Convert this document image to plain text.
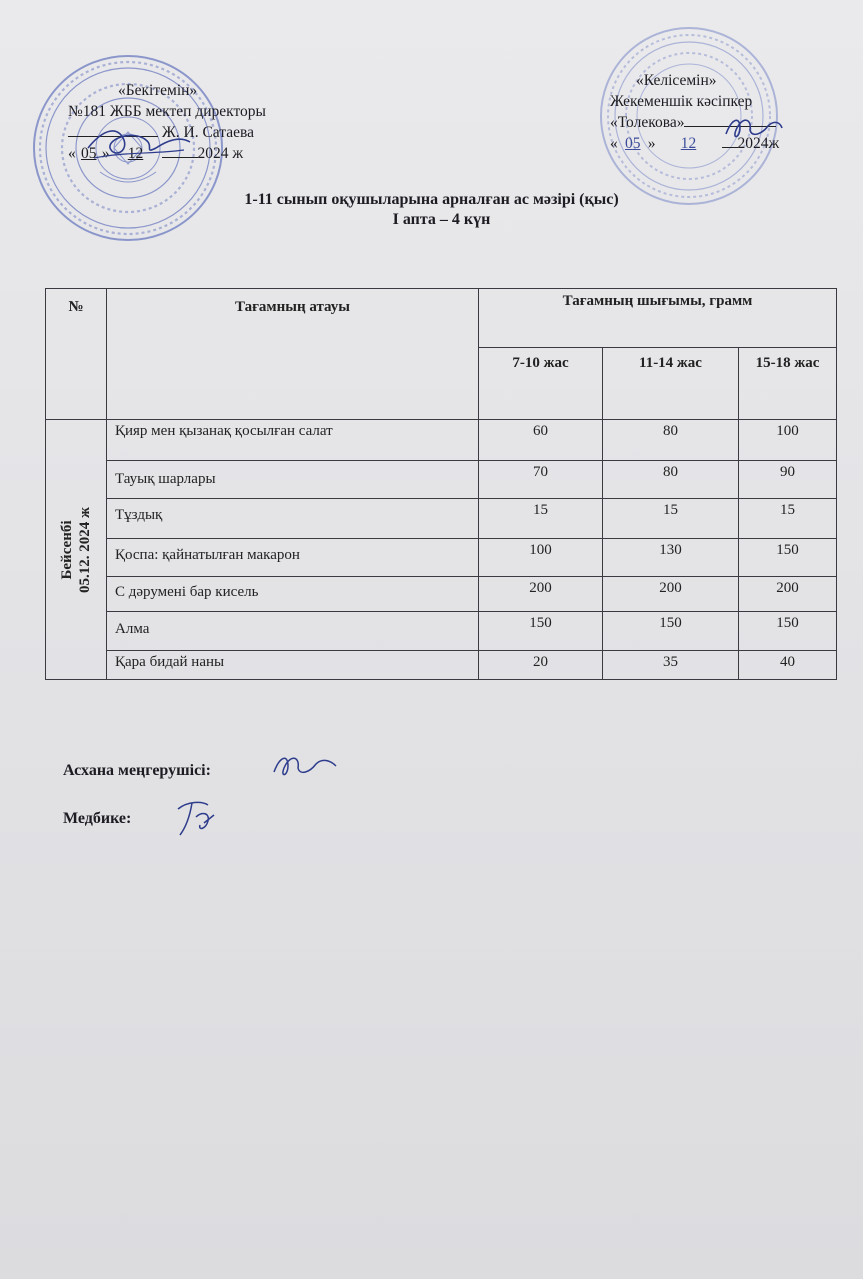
«Бекітемін»
№181 ЖББ мектеп директоры
Ж. И. Сатаева
« 05 » 12	2024 ж
«Келісемін»
Жекеменшік кәсіпкер
«Толекова»
« 05 » 12	2024ж
1-11 сынып оқушыларына арналған ас мәзірі (қыс)
І апта – 4 күн
№	Тағамның атауы	Тағамның шығымы, грамм		
		7-10 жас	11-14 жас	15-18 жас

Бейсенбі 05.12. 2024 ж	Қияр мен қызанақ қосылған салат	60	80	100
	Тауық шарлары	70	80	90
	Тұздық	15	15	15
	Қоспа: қайнатылған макарон	100	130	150
	С дәрумені бар кисель	200	200	200
	Алма	150	150	150
	Қара бидай наны	20	35	40
Асхана меңгерушісі:
Медбике:
